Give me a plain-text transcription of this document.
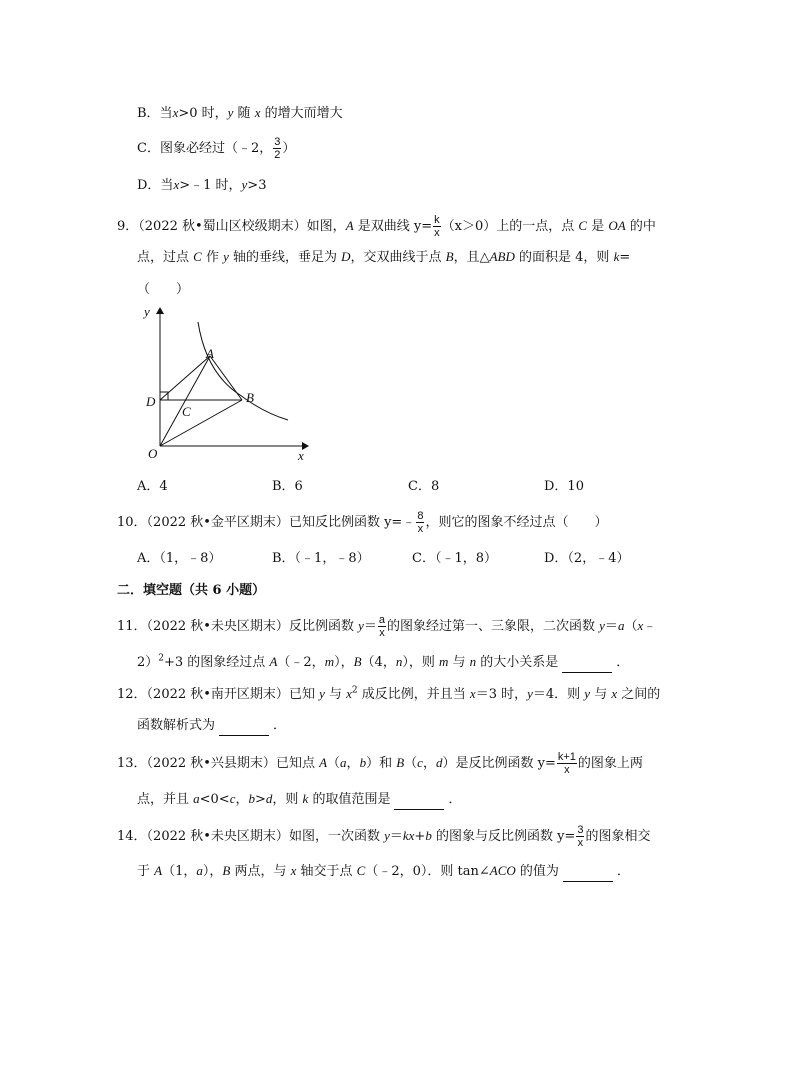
B．当x>0 时，y 随 x 的增大而增大
C．图象必经过（﹣2， $\frac{3}{2}$ ）
D．当x>﹣1 时，y>3
9．（2022 秋•蜀山区校级期末）如图，A 是双曲线 $y= \frac{k}{x} (x>0)$上的一点，点 C 是 OA 的中
点，过点 C 作 y 轴的垂线，垂足为 D，交双曲线于点 B，且△ABD 的面积是 4，则 k=
（　　）
y
x
O
A
B
C
D
A．4	B．6	C．8	D．10
10．（2022 秋•金平区期末）已知反比例函数 y=﹣ $\frac{8}{x}$ ，则它的图象不经过点（　　）
A．（1，﹣8）	B．（﹣1，﹣8）	C．（﹣1，8）	D．（2，﹣4）
二．填空题（共 6 小题）
11．（2022 秋•未央区期末）反比例函数 $y= \frac{a}{x}$ 的图象经过第一、三象限，二次函数 y＝a（x﹣
2）$^2$+3 的图象经过点 A（﹣2，m），B（4，n），则 m 与 n 的大小关系是	．
12．（2022 秋•南开区期末）已知 y 与 $x^2$ 成反比例，并且当 x＝3 时，y＝4．则 y 与 x 之间的
函数解析式为	．
13．（2022 秋•兴县期末）已知点 A（a，b）和 B（c，d）是反比例函数 $y= \frac{k+1}{x}$ 的图象上两
点，并且 a<0<c，b>d，则 k 的取值范围是	．
14．（2022 秋•未央区期末）如图，一次函数 y＝kx+b 的图象与反比例函数 $y= \frac{3}{x}$ 的图象相交
于 A（1，a），B 两点，与 x 轴交于点 C（﹣2，0）．则 tan∠ACO 的值为	．
